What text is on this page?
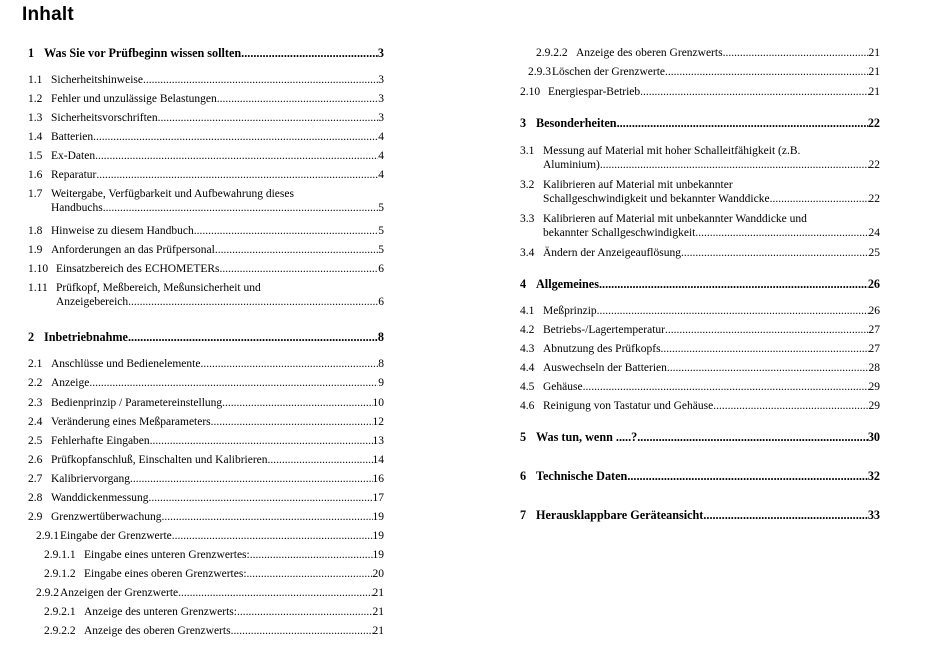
Inhalt
1 Was Sie vor Prüfbeginn wissen sollten .....	3
1.1 Sicherheitshinweise .....	3
1.2 Fehler und unzulässige Belastungen .....	3
1.3 Sicherheitsvorschriften .....	3
1.4 Batterien .....	4
1.5 Ex-Daten .....	4
1.6 Reparatur .....	4
1.7 Weitergabe, Verfügbarkeit und Aufbewahrung dieses
Handbuchs .....	5
1.8 Hinweise zu diesem Handbuch .....	5
1.9 Anforderungen an das Prüfpersonal .....	5
1.10 Einsatzbereich des ECHOMETERs .....	6
1.11 Prüfkopf, Meßbereich, Meßunsicherheit und
Anzeigebereich .....	6
2 Inbetriebnahme .....	8
2.1 Anschlüsse und Bedienelemente .....	8
2.2 Anzeige .....	9
2.3 Bedienprinzip / Parametereinstellung .....	10
2.4 Veränderung eines Meßparameters .....	12
2.5 Fehlerhafte Eingaben .....	13
2.6 Prüfkopfanschluß, Einschalten und Kalibrieren .....	14
2.7 Kalibriervorgang .....	16
2.8 Wanddickenmessung .....	17
2.9 Grenzwertüberwachung .....	19
2.9.1 Eingabe der Grenzwerte .....	19
2.9.1.1 Eingabe eines unteren Grenzwertes: .....	19
2.9.1.2 Eingabe eines oberen Grenzwertes: .....	20
2.9.2 Anzeigen der Grenzwerte .....	21
2.9.2.1 Anzeige des unteren Grenzwerts: .....	21
2.9.2.2 Anzeige des oberen Grenzwerts .....	21
2.9.2.2 Anzeige des oberen Grenzwerts .....	21
2.9.3 Löschen der Grenzwerte .....	21
2.10 Energiespar-Betrieb .....	21
3 Besonderheiten .....	22
3.1 Messung auf Material mit hoher Schalleitfähigkeit (z.B.
Aluminium) .....	22
3.2 Kalibrieren auf Material mit unbekannter
Schallgeschwindigkeit und bekannter Wanddicke .....	22
3.3 Kalibrieren auf Material mit unbekannter Wanddicke und
bekannter Schallgeschwindigkeit .....	24
3.4 Ändern der Anzeigeauflösung .....	25
4 Allgemeines .....	26
4.1 Meßprinzip .....	26
4.2 Betriebs-/Lagertemperatur .....	27
4.3 Abnutzung des Prüfkopfs .....	27
4.4 Auswechseln der Batterien .....	28
4.5 Gehäuse .....	29
4.6 Reinigung von Tastatur und Gehäuse .....	29
5 Was tun, wenn .....? .....	30
6 Technische Daten .....	32
7 Herausklappbare Geräteansicht .....	33
